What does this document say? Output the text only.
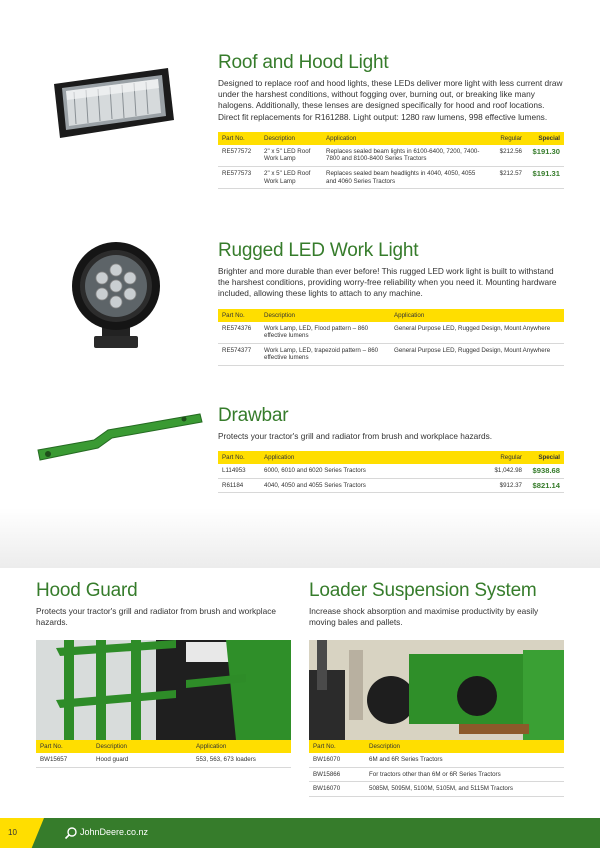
Roof and Hood Light

Designed to replace roof and hood lights, these LEDs deliver more light with less current draw under the harshest conditions, without fogging over, burning out, or breaking like many halogens. Additionally, these lenses are designed specifically for hood and roof locations. Direct fit replacements for R161288. Light output: 1280 raw lumens, 998 effective lumens.

Part No.	Description	Application	Regular	Special
RE577572	2" x 5" LED Roof Work Lamp	Replaces sealed beam lights in 6100-6400, 7200, 7400-7800 and 8100-8400 Series Tractors	$212.56	$191.30
RE577573	2" x 5" LED Roof Work Lamp	Replaces sealed beam headlights in 4040, 4050, 4055 and 4060 Series Tractors	$212.57	$191.31
Rugged LED Work Light

Brighter and more durable than ever before! This rugged LED work light is built to withstand the harshest conditions, providing worry-free reliability when you need it. Mounting hardware included, allowing these lights to attach to any machine.

Part No.	Description	Application
RE574376	Work Lamp, LED, Flood pattern – 860 effective lumens	General Purpose LED, Rugged Design, Mount Anywhere
RE574377	Work Lamp, LED, trapezoid pattern – 860 effective lumens	General Purpose LED, Rugged Design, Mount Anywhere
Drawbar

Protects your tractor's grill and radiator from brush and workplace hazards.

Part No.	Application	Regular	Special
L114953	6000, 6010 and 6020 Series Tractors	$1,042.98	$938.68
R61184	4040, 4050 and 4055 Series Tractors	$912.37	$821.14
Hood Guard

Protects your tractor's grill and radiator from brush and workplace hazards.

Part No.	Description	Application
BW15657	Hood guard	553, 563, 673 loaders
Loader Suspension System

Increase shock absorption and maximise productivity by easily moving bales and pallets.

Part No.	Description
BW16070	6M and 6R Series Tractors
BW15866	For tractors other than 6M or 6R Series Tractors
BW16070	5085M, 5095M, 5100M, 5105M, and 5115M Tractors
10	JohnDeere.co.nz
